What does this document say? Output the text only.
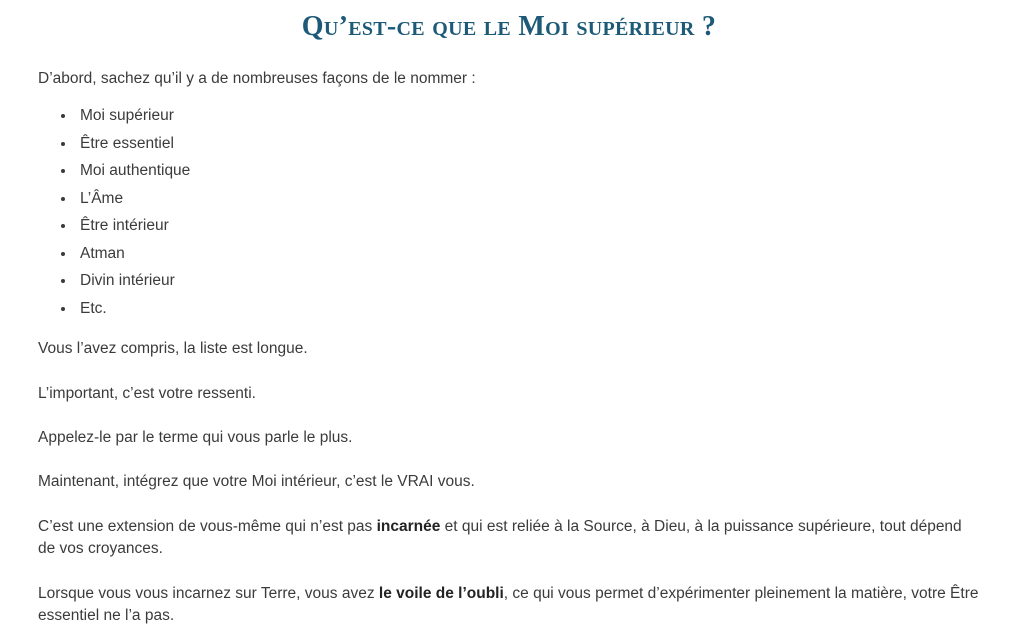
Qu’est-ce que le Moi supérieur ?

D’abord, sachez qu’il y a de nombreuses façons de le nommer :

• Moi supérieur
• Être essentiel
• Moi authentique
• L’Âme
• Être intérieur
• Atman
• Divin intérieur
• Etc.

Vous l’avez compris, la liste est longue.

L’important, c’est votre ressenti.

Appelez-le par le terme qui vous parle le plus.

Maintenant, intégrez que votre Moi intérieur, c’est le VRAI vous.

C’est une extension de vous-même qui n’est pas incarnée et qui est reliée à la Source, à Dieu, à la puissance supérieure, tout dépend de vos croyances.

Lorsque vous vous incarnez sur Terre, vous avez le voile de l’oubli, ce qui vous permet d’expérimenter pleinement la matière, votre Être essentiel ne l’a pas.
